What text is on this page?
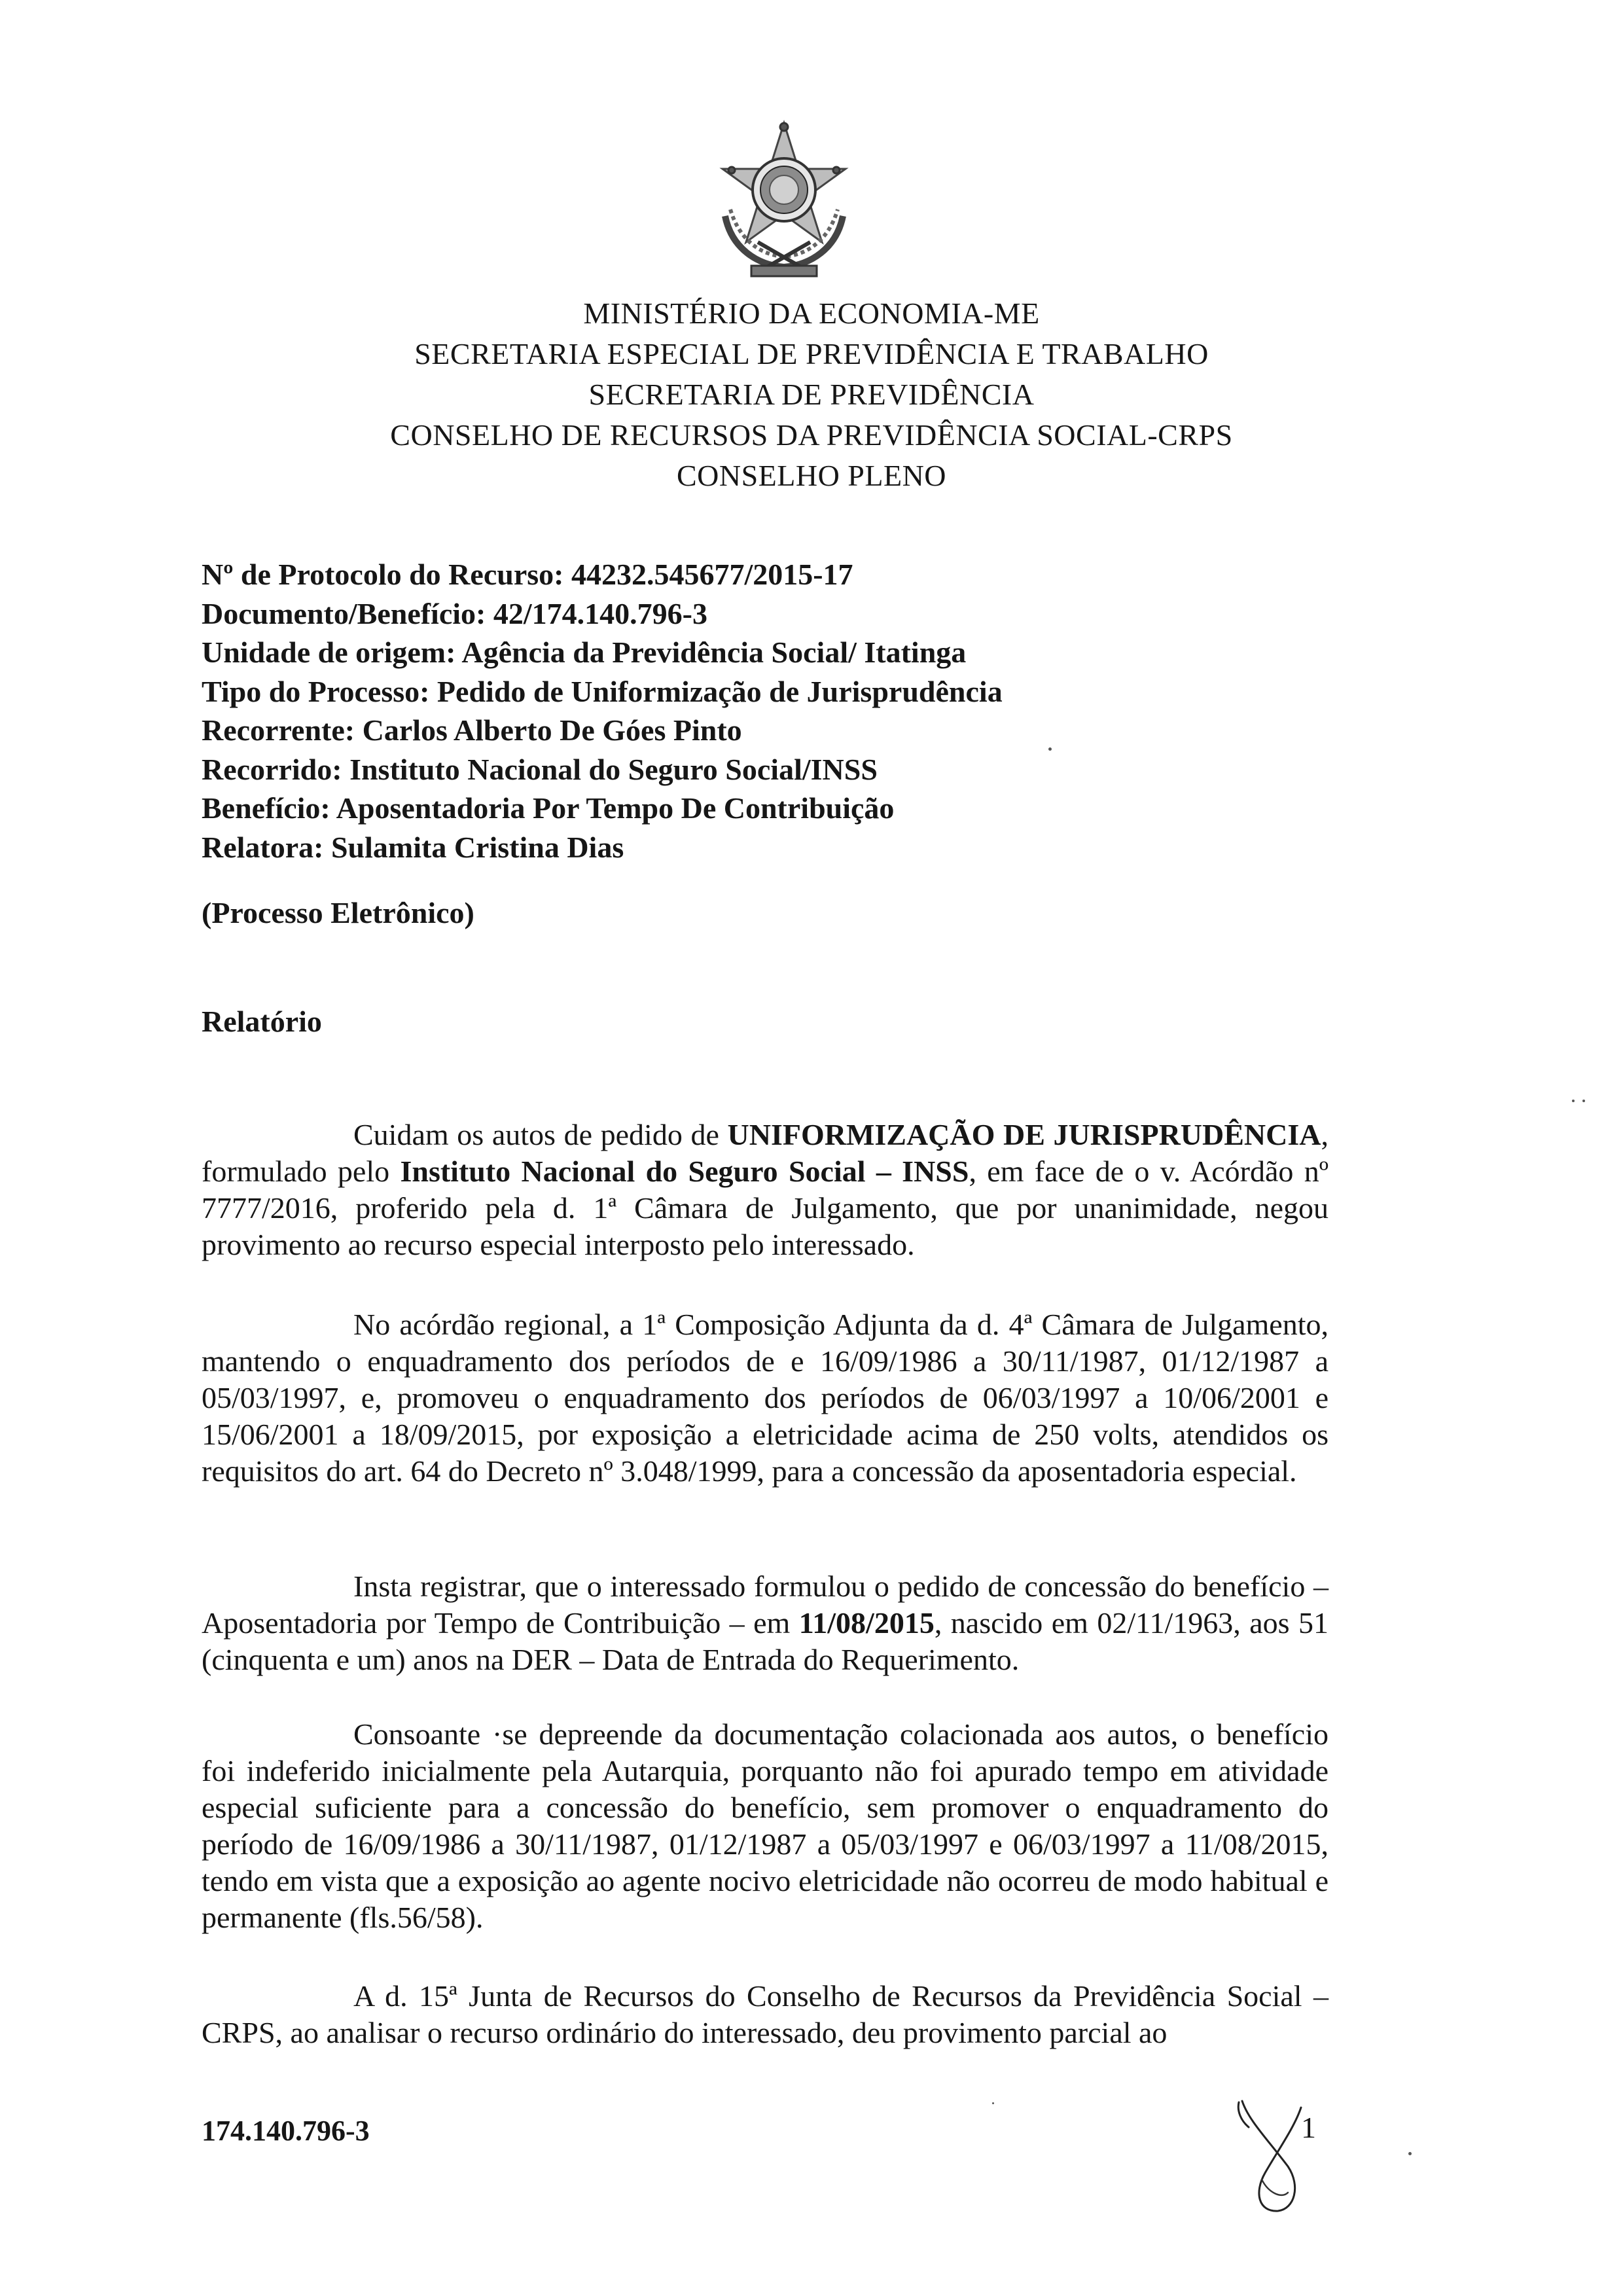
MINISTÉRIO DA ECONOMIA-ME
SECRETARIA ESPECIAL DE PREVIDÊNCIA E TRABALHO
SECRETARIA DE PREVIDÊNCIA
CONSELHO DE RECURSOS DA PREVIDÊNCIA SOCIAL-CRPS
CONSELHO PLENO
Nº de Protocolo do Recurso: 44232.545677/2015-17
Documento/Benefício: 42/174.140.796-3
Unidade de origem: Agência da Previdência Social/ Itatinga
Tipo do Processo: Pedido de Uniformização de Jurisprudência
Recorrente: Carlos Alberto De Góes Pinto
Recorrido: Instituto Nacional do Seguro Social/INSS
Benefício: Aposentadoria Por Tempo De Contribuição
Relatora: Sulamita Cristina Dias
(Processo Eletrônico)
Relatório

Cuidam os autos de pedido de UNIFORMIZAÇÃO DE JURISPRUDÊNCIA, formulado pelo Instituto Nacional do Seguro Social – INSS, em face de o v. Acórdão nº 7777/2016, proferido pela d. 1ª Câmara de Julgamento, que por unanimidade, negou provimento ao recurso especial interposto pelo interessado.

No acórdão regional, a 1ª Composição Adjunta da d. 4ª Câmara de Julgamento, mantendo o enquadramento dos períodos de e 16/09/1986 a 30/11/1987, 01/12/1987 a 05/03/1997, e, promoveu o enquadramento dos períodos de 06/03/1997 a 10/06/2001 e 15/06/2001 a 18/09/2015, por exposição a eletricidade acima de 250 volts, atendidos os requisitos do art. 64 do Decreto nº 3.048/1999, para a concessão da aposentadoria especial.

Insta registrar, que o interessado formulou o pedido de concessão do benefício – Aposentadoria por Tempo de Contribuição – em 11/08/2015, nascido em 02/11/1963, aos 51 (cinquenta e um) anos na DER – Data de Entrada do Requerimento.

Consoante ·se depreende da documentação colacionada aos autos, o benefício foi indeferido inicialmente pela Autarquia, porquanto não foi apurado tempo em atividade especial suficiente para a concessão do benefício, sem promover o enquadramento do período de 16/09/1986 a 30/11/1987, 01/12/1987 a 05/03/1997 e 06/03/1997 a 11/08/2015, tendo em vista que a exposição ao agente nocivo eletricidade não ocorreu de modo habitual e permanente (fls.56/58).

A d. 15ª Junta de Recursos do Conselho de Recursos da Previdência Social – CRPS, ao analisar o recurso ordinário do interessado, deu provimento parcial ao

174.140.796-3	1
